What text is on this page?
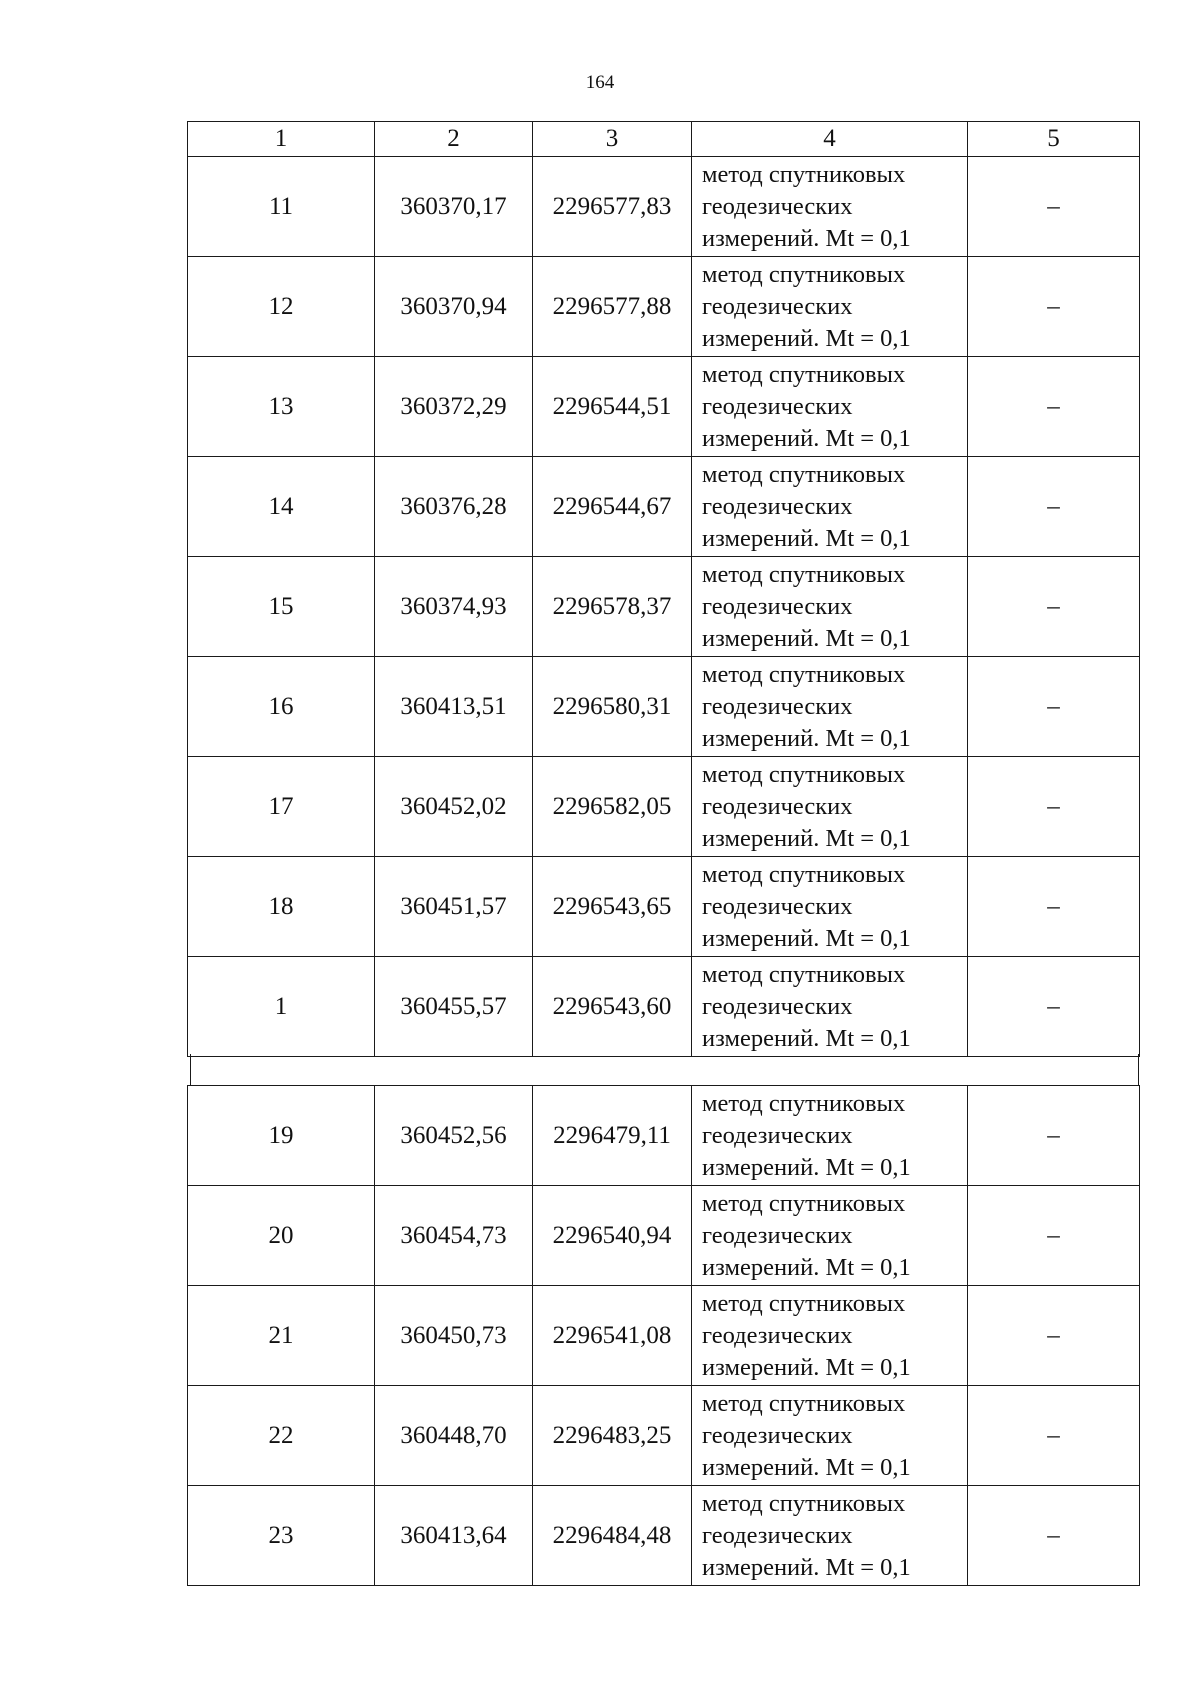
164
1	2	3	4	5
11	360370,17	2296577,83	метод спутниковых
геодезических
измерений. Mt = 0,1	–
12	360370,94	2296577,88	метод спутниковых
геодезических
измерений. Mt = 0,1	–
13	360372,29	2296544,51	метод спутниковых
геодезических
измерений. Mt = 0,1	–
14	360376,28	2296544,67	метод спутниковых
геодезических
измерений. Mt = 0,1	–
15	360374,93	2296578,37	метод спутниковых
геодезических
измерений. Mt = 0,1	–
16	360413,51	2296580,31	метод спутниковых
геодезических
измерений. Mt = 0,1	–
17	360452,02	2296582,05	метод спутниковых
геодезических
измерений. Mt = 0,1	–
18	360451,57	2296543,65	метод спутниковых
геодезических
измерений. Mt = 0,1	–
1	360455,57	2296543,60	метод спутниковых
геодезических
измерений. Mt = 0,1	–
19	360452,56	2296479,11	метод спутниковых
геодезических
измерений. Mt = 0,1	–
20	360454,73	2296540,94	метод спутниковых
геодезических
измерений. Mt = 0,1	–
21	360450,73	2296541,08	метод спутниковых
геодезических
измерений. Mt = 0,1	–
22	360448,70	2296483,25	метод спутниковых
геодезических
измерений. Mt = 0,1	–
23	360413,64	2296484,48	метод спутниковых
геодезических
измерений. Mt = 0,1	–
